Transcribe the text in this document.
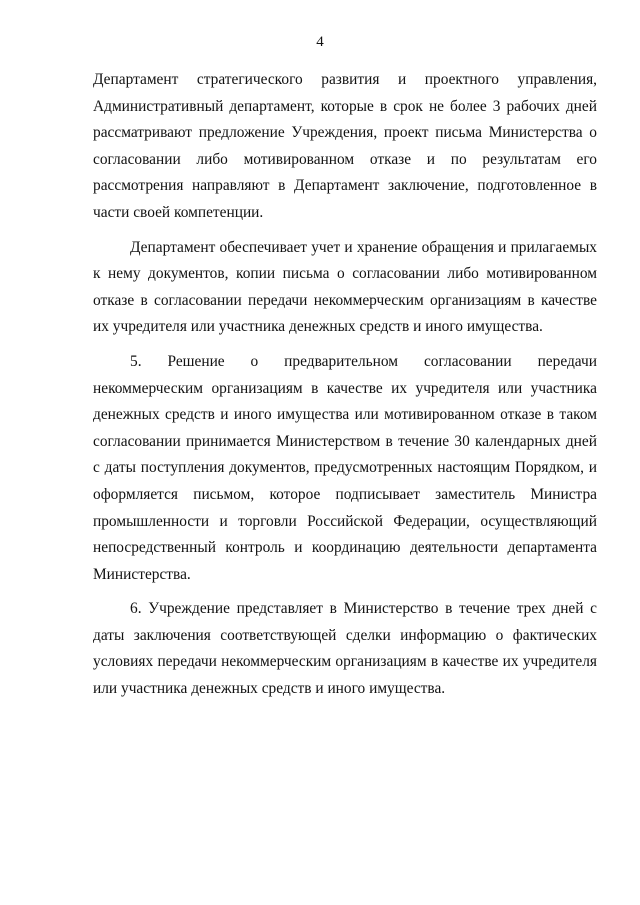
4

Департамент стратегического развития и проектного управления, Административный департамент, которые в срок не более 3 рабочих дней рассматривают предложение Учреждения, проект письма Министерства о согласовании либо мотивированном отказе и по результатам его рассмотрения направляют в Департамент заключение, подготовленное в части своей компетенции.

Департамент обеспечивает учет и хранение обращения и прилагаемых к нему документов, копии письма о согласовании либо мотивированном отказе в согласовании передачи некоммерческим организациям в качестве их учредителя или участника денежных средств и иного имущества.

5. Решение о предварительном согласовании передачи некоммерческим организациям в качестве их учредителя или участника денежных средств и иного имущества или мотивированном отказе в таком согласовании принимается Министерством в течение 30 календарных дней с даты поступления документов, предусмотренных настоящим Порядком, и оформляется письмом, которое подписывает заместитель Министра промышленности и торговли Российской Федерации, осуществляющий непосредственный контроль и координацию деятельности департамента Министерства.

6. Учреждение представляет в Министерство в течение трех дней с даты заключения соответствующей сделки информацию о фактических условиях передачи некоммерческим организациям в качестве их учредителя или участника денежных средств и иного имущества.
